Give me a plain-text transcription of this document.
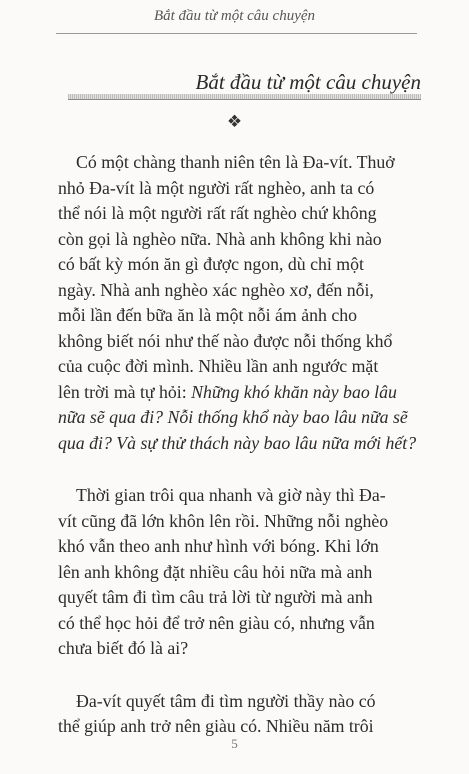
Bắt đầu từ một câu chuyện
Bắt đầu từ một câu chuyện
❖
Có một chàng thanh niên tên là Đa-vít. Thuở
nhỏ Đa-vít là một người rất nghèo, anh ta có
thể nói là một người rất rất nghèo chứ không
còn gọi là nghèo nữa. Nhà anh không khi nào
có bất kỳ món ăn gì được ngon, dù chỉ một
ngày. Nhà anh nghèo xác nghèo xơ, đến nỗi,
mỗi lần đến bữa ăn là một nỗi ám ảnh cho
không biết nói như thế nào được nỗi thống khổ
của cuộc đời mình. Nhiều lần anh ngước mặt
lên trời mà tự hỏi: Những khó khăn này bao lâu
nữa sẽ qua đi? Nỗi thống khổ này bao lâu nữa sẽ
qua đi? Và sự thử thách này bao lâu nữa mới hết?
Thời gian trôi qua nhanh và giờ này thì Đa-
vít cũng đã lớn khôn lên rồi. Những nỗi nghèo
khó vẫn theo anh như hình với bóng. Khi lớn
lên anh không đặt nhiều câu hỏi nữa mà anh
quyết tâm đi tìm câu trả lời từ người mà anh
có thể học hỏi để trở nên giàu có, nhưng vẫn
chưa biết đó là ai?
Đa-vít quyết tâm đi tìm người thầy nào có
thể giúp anh trở nên giàu có. Nhiều năm trôi
5
